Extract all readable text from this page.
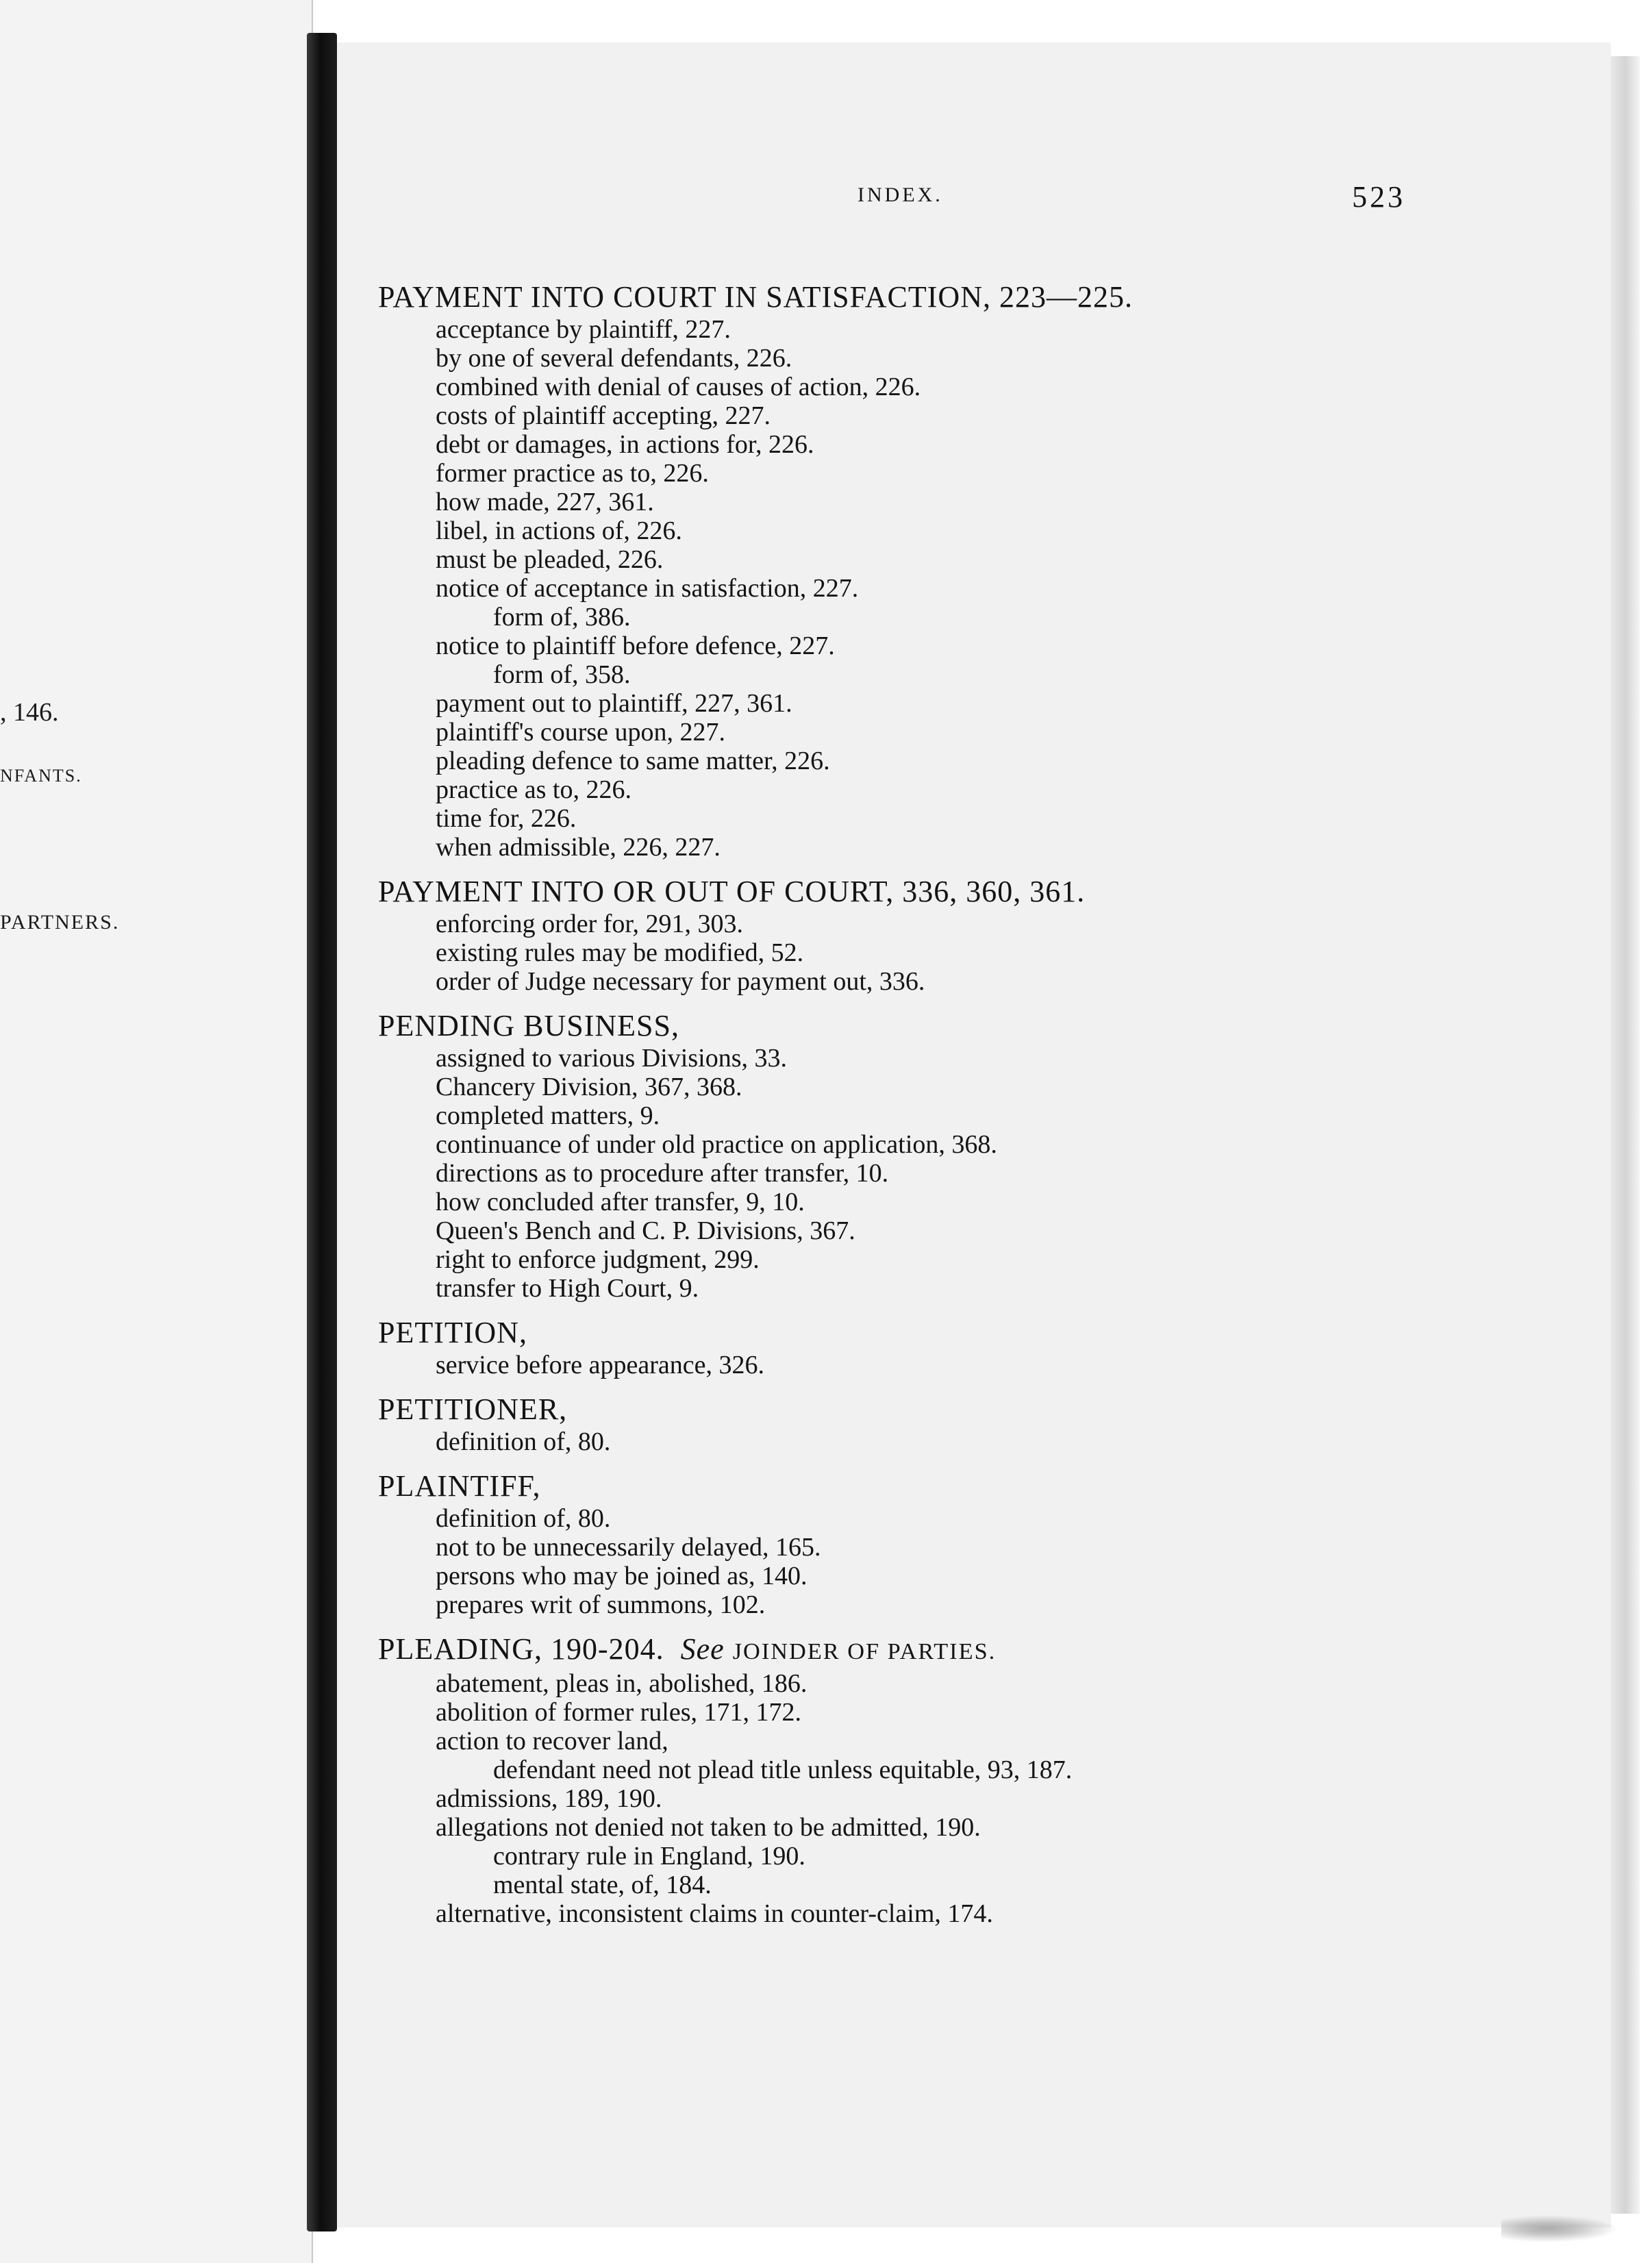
, 146.
NFANTS.
PARTNERS.
INDEX.	523
PAYMENT INTO COURT IN SATISFACTION, 223—225.
acceptance by plaintiff, 227.
by one of several defendants, 226.
combined with denial of causes of action, 226.
costs of plaintiff accepting, 227.
debt or damages, in actions for, 226.
former practice as to, 226.
how made, 227, 361.
libel, in actions of, 226.
must be pleaded, 226.
notice of acceptance in satisfaction, 227.
form of, 386.
notice to plaintiff before defence, 227.
form of, 358.
payment out to plaintiff, 227, 361.
plaintiff's course upon, 227.
pleading defence to same matter, 226.
practice as to, 226.
time for, 226.
when admissible, 226, 227.
PAYMENT INTO OR OUT OF COURT, 336, 360, 361.
enforcing order for, 291, 303.
existing rules may be modified, 52.
order of Judge necessary for payment out, 336.
PENDING BUSINESS,
assigned to various Divisions, 33.
Chancery Division, 367, 368.
completed matters, 9.
continuance of under old practice on application, 368.
directions as to procedure after transfer, 10.
how concluded after transfer, 9, 10.
Queen's Bench and C. P. Divisions, 367.
right to enforce judgment, 299.
transfer to High Court, 9.
PETITION,
service before appearance, 326.
PETITIONER,
definition of, 80.
PLAINTIFF,
definition of, 80.
not to be unnecessarily delayed, 165.
persons who may be joined as, 140.
prepares writ of summons, 102.
PLEADING, 190-204. See JOINDER OF PARTIES.
abatement, pleas in, abolished, 186.
abolition of former rules, 171, 172.
action to recover land,
defendant need not plead title unless equitable, 93, 187.
admissions, 189, 190.
allegations not denied not taken to be admitted, 190.
contrary rule in England, 190.
mental state, of, 184.
alternative, inconsistent claims in counter-claim, 174.
